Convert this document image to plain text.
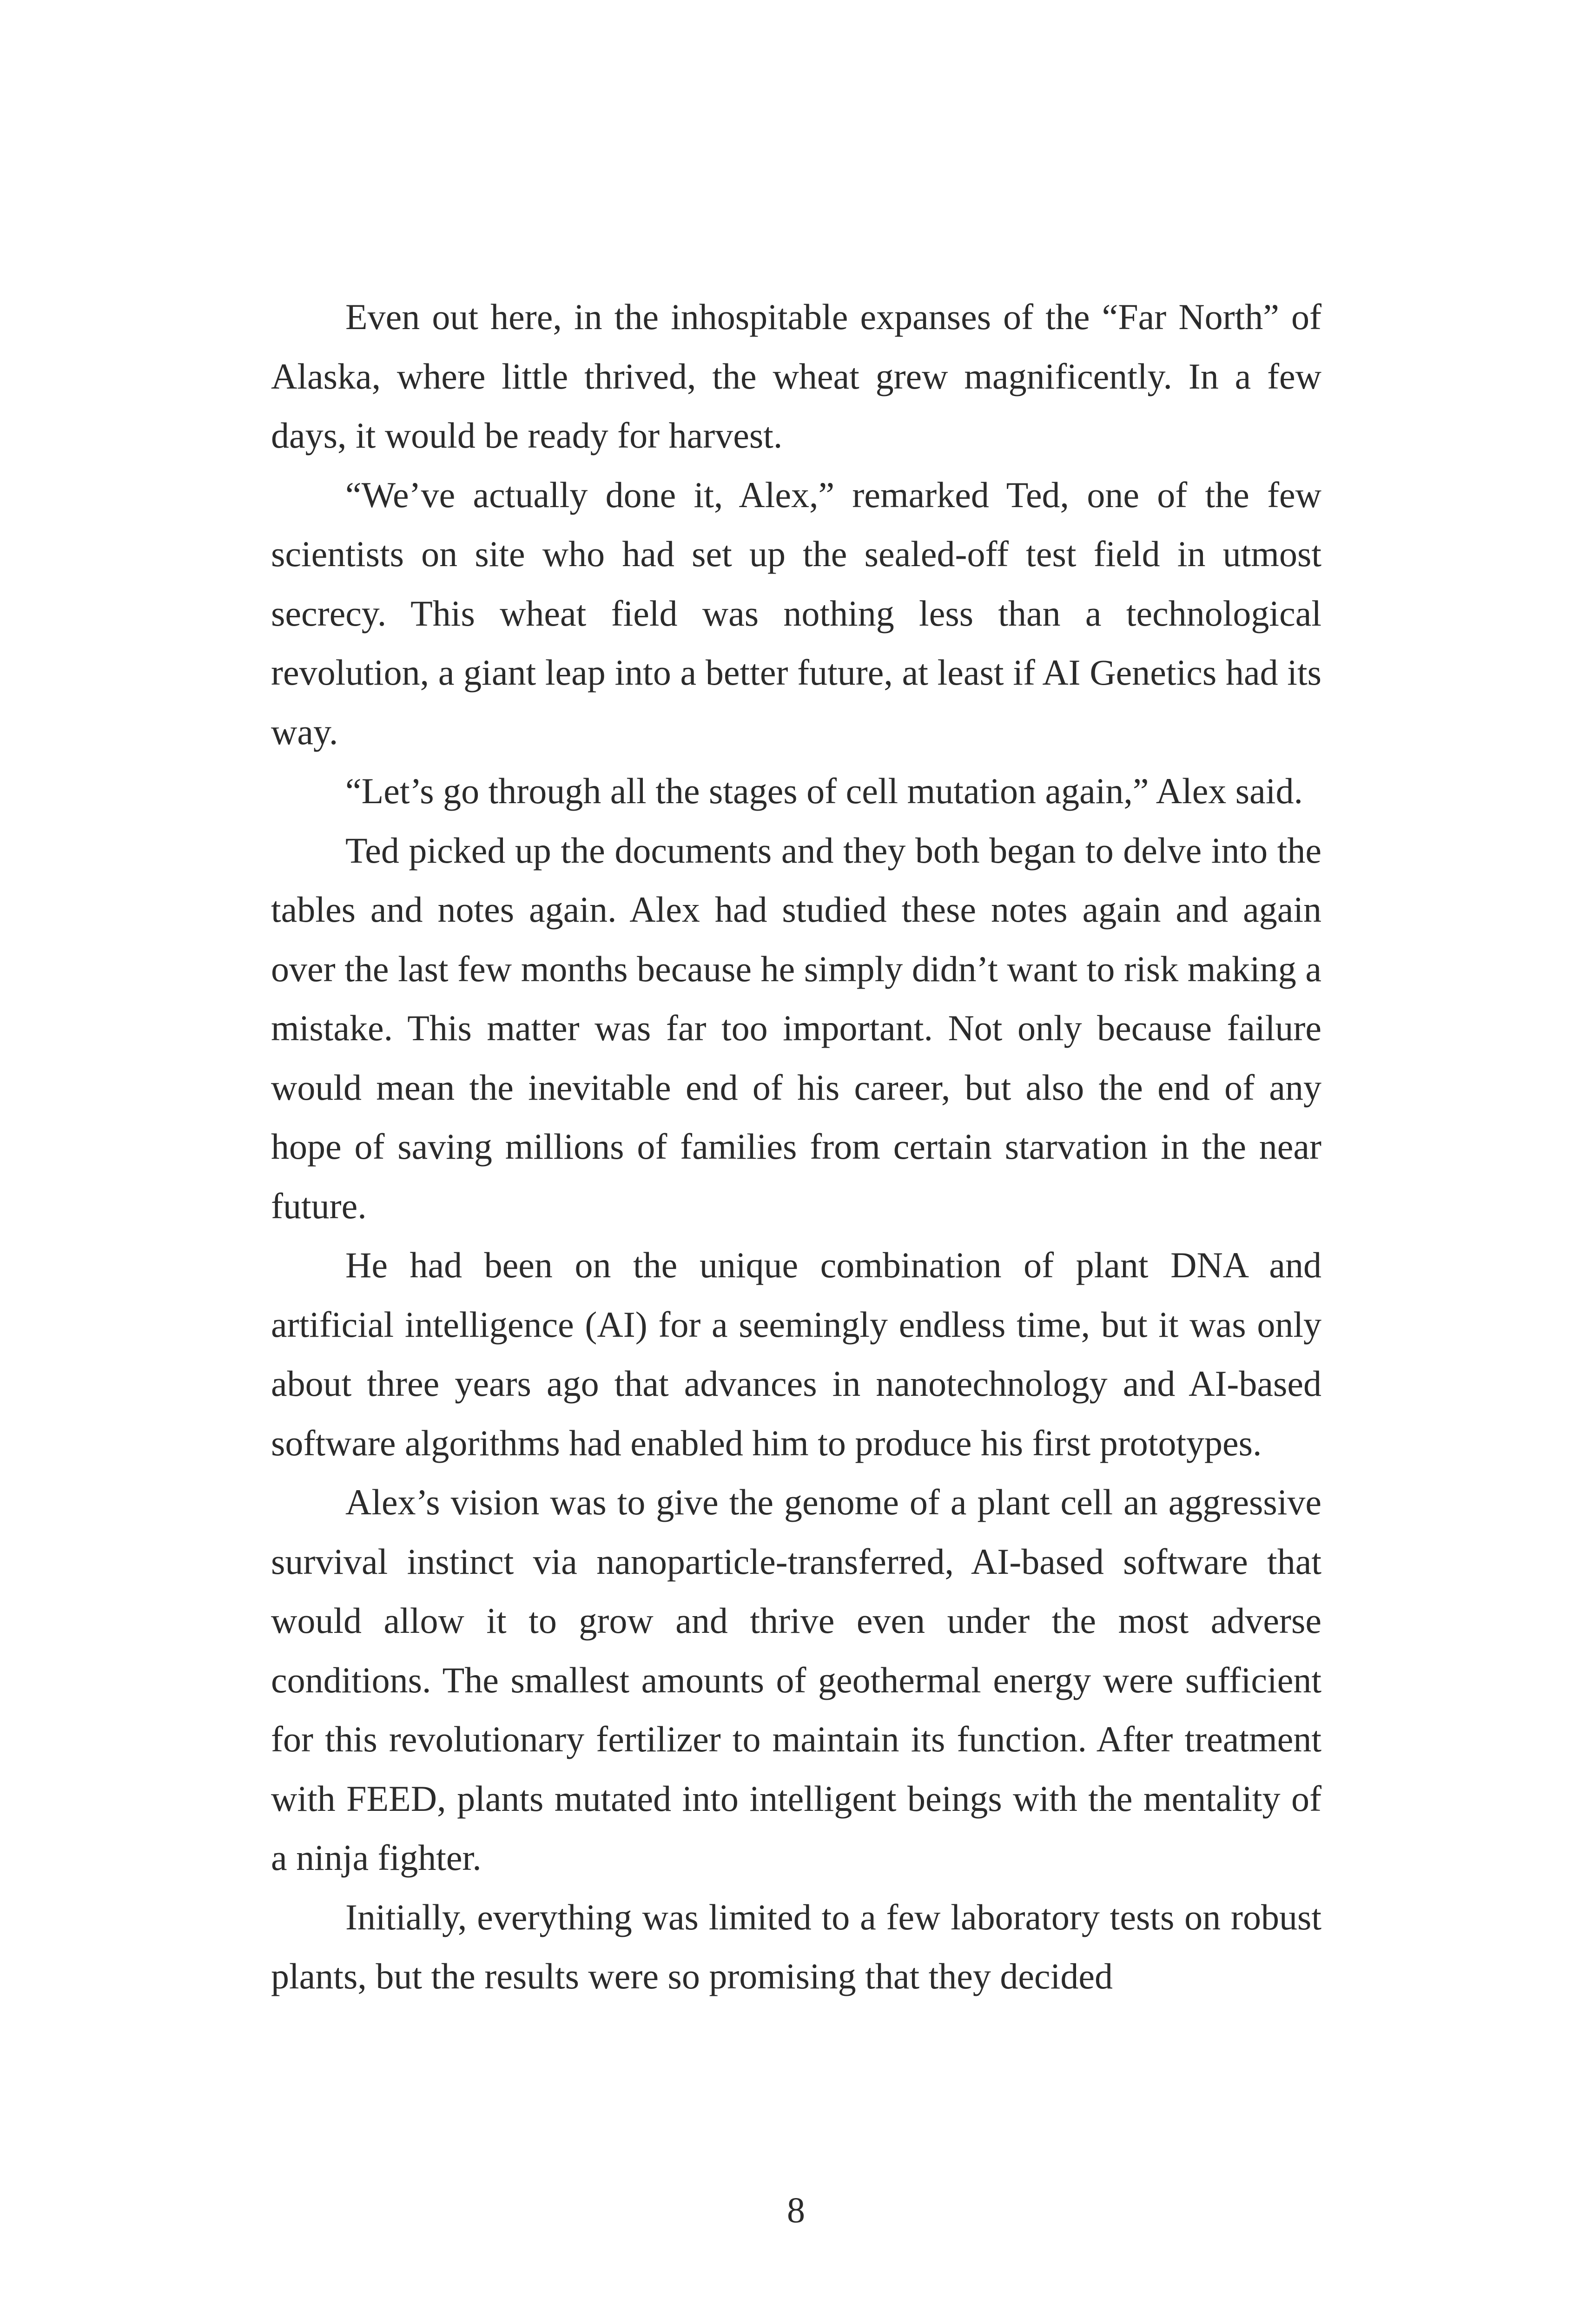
Even out here, in the inhospitable expanses of the “Far North” of Alaska, where little thrived, the wheat grew magnificently. In a few days, it would be ready for harvest.

“We’ve actually done it, Alex,” remarked Ted, one of the few scientists on site who had set up the sealed-off test field in utmost secrecy. This wheat field was nothing less than a technological revolution, a giant leap into a better future, at least if AI Genetics had its way.

“Let’s go through all the stages of cell mutation again,” Alex said.

Ted picked up the documents and they both began to delve into the tables and notes again. Alex had studied these notes again and again over the last few months because he simply didn’t want to risk making a mistake. This matter was far too important. Not only because failure would mean the inevitable end of his career, but also the end of any hope of saving millions of families from certain starvation in the near future.

He had been on the unique combination of plant DNA and artificial intelligence (AI) for a seemingly endless time, but it was only about three years ago that advances in nanotechnology and AI-based software algorithms had enabled him to produce his first prototypes.

Alex’s vision was to give the genome of a plant cell an aggressive survival instinct via nanoparticle-transferred, AI-based software that would allow it to grow and thrive even under the most adverse conditions. The smallest amounts of geothermal energy were sufficient for this revolutionary fertilizer to maintain its function. After treatment with FEED, plants mutated into intelligent beings with the mentality of a ninja fighter.

Initially, everything was limited to a few laboratory tests on robust plants, but the results were so promising that they decided

8
